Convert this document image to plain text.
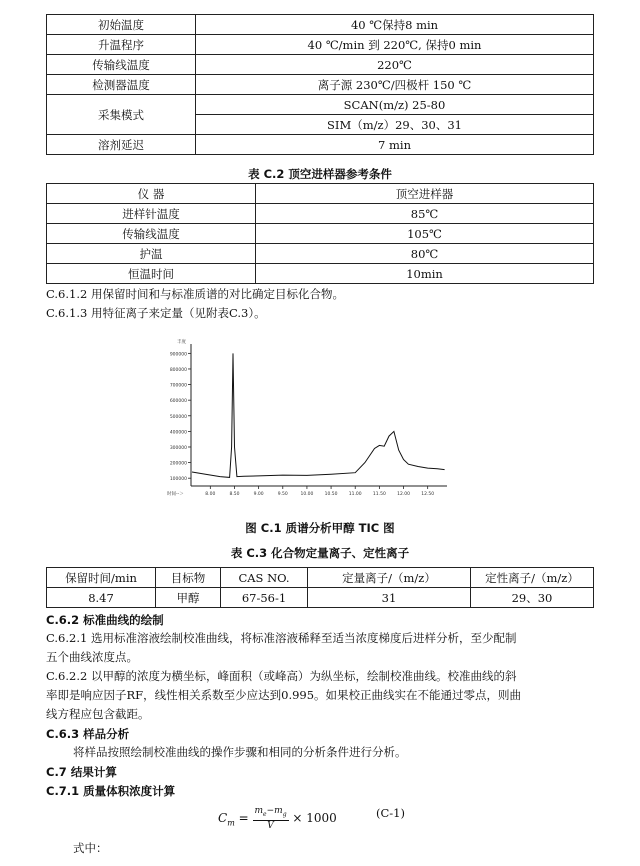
初始温度	40 ℃保持8 min
升温程序	40 ℃/min 到 220℃, 保持0 min
传输线温度	220℃
检测器温度	离子源 230℃/四极杆 150 ℃
采集模式	SCAN(m/z) 25-80
	SIM（m/z）29、30、31
溶剂延迟	7 min
表 C.2 顶空进样器参考条件
仪 器	顶空进样器
进样针温度	85℃
传输线温度	105℃
护温	80℃
恒温时间	10min
C.6.1.2 用保留时间和与标准质谱的对比确定目标化合物。
C.6.1.3 用特征离子来定量（见附表C.3）。
100000
200000
300000
400000
500000
600000
700000
800000
900000
8.00	8.50	9.00	9.50	10.00	10.50	11.00	11.50	12.00	12.50
丰度
时间--＞
图 C.1 质谱分析甲醇 TIC 图
表 C.3 化合物定量离子、定性离子
保留时间/min	目标物	CAS NO.	定量离子/（m/z）	定性离子/（m/z）
8.47	甲醇	67-56-1	31	29、30
C.6.2 标准曲线的绘制
C.6.2.1 选用标准溶液绘制校准曲线，将标准溶液稀释至适当浓度梯度后进样分析，至少配制
五个曲线浓度点。
C.6.2.2 以甲醇的浓度为横坐标，峰面积（或峰高）为纵坐标，绘制校准曲线。校准曲线的斜
率即是响应因子RF，线性相关系数至少应达到0.995。如果校正曲线实在不能通过零点，则曲
线方程应包含截距。
C.6.3 样品分析
将样品按照绘制校准曲线的操作步骤和相同的分析条件进行分析。
C.7 结果计算
C.7.1 质量体积浓度计算
$C_m = \frac{m_e-m_g}{V} \times 1000$	(C-1)
式中：
